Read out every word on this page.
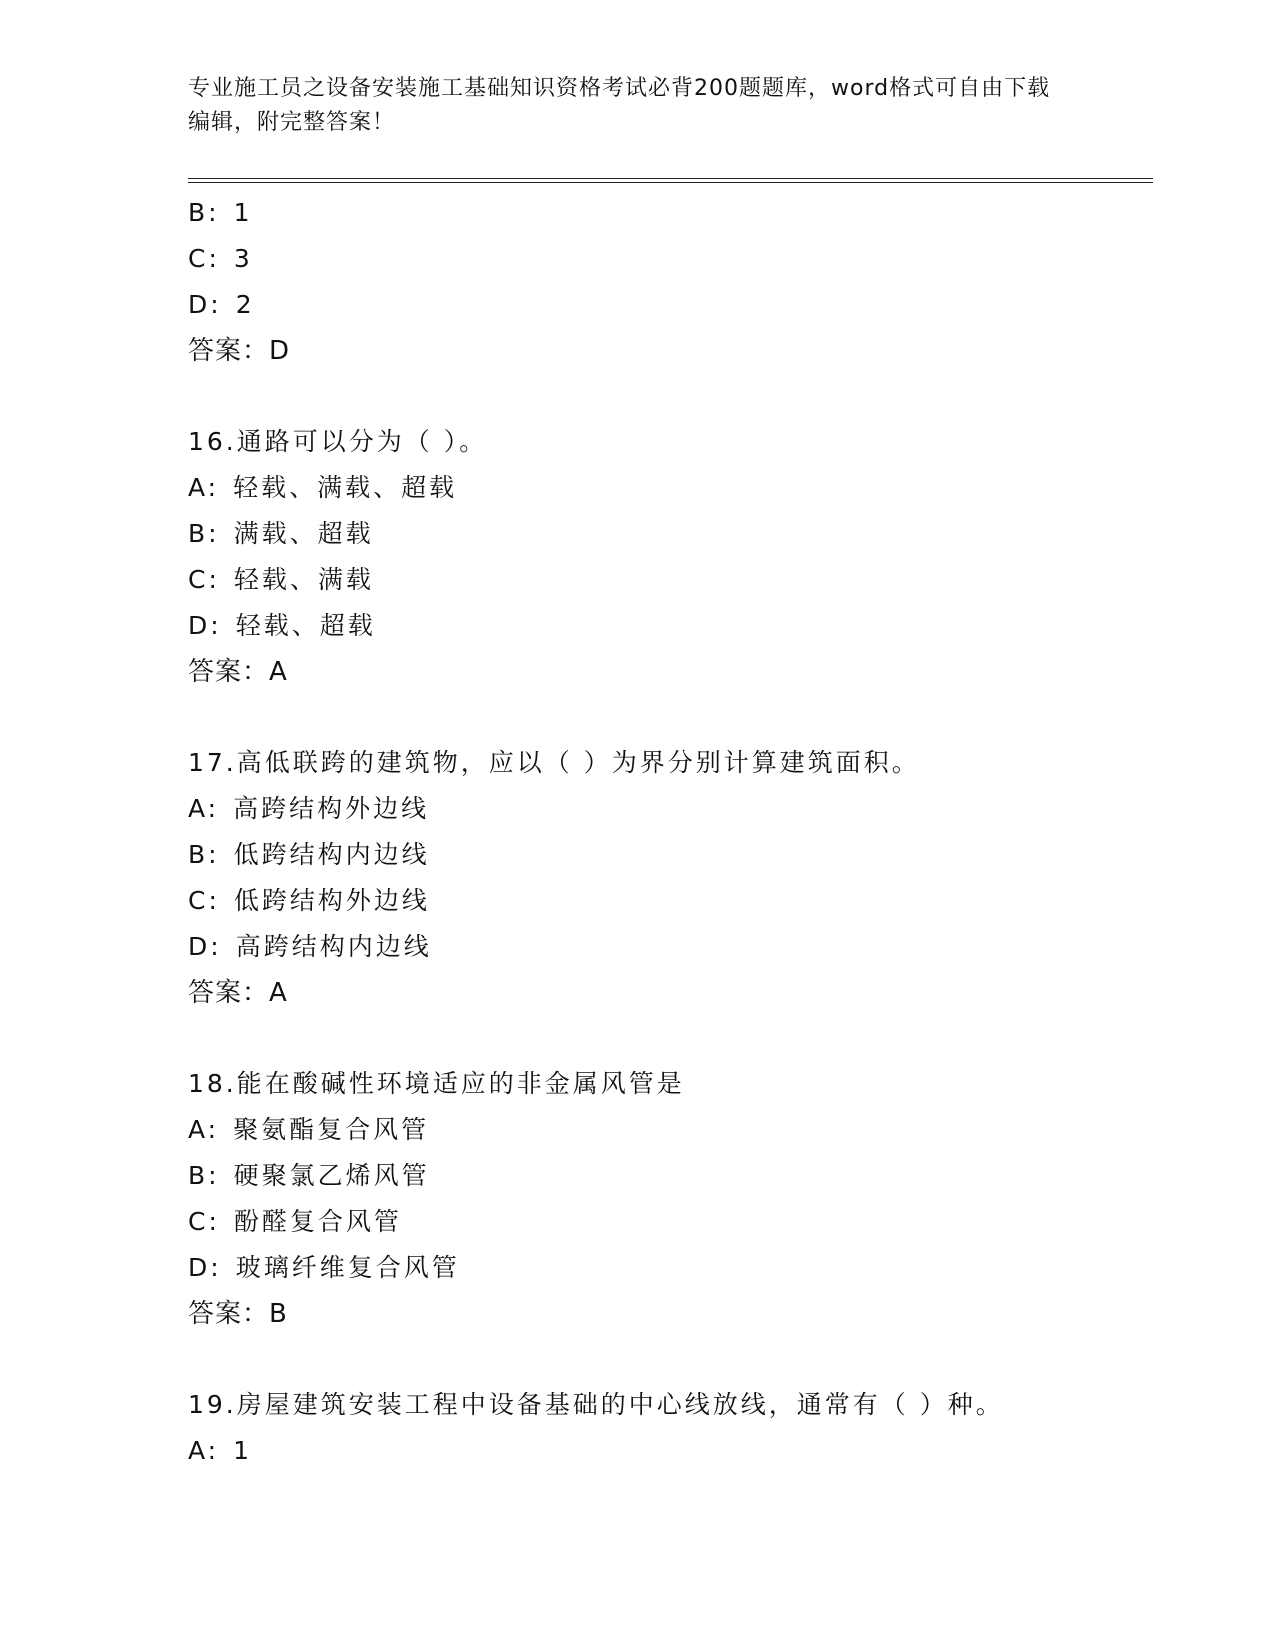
专业施工员之设备安装施工基础知识资格考试必背200题题库，word格式可自由下载编辑，附完整答案！
B: 1
C: 3
D: 2
答案：D
16.通路可以分为（ ）。
A: 轻载、满载、超载
B: 满载、超载
C: 轻载、满载
D: 轻载、超载
答案：A
17.高低联跨的建筑物，应以（ ）为界分别计算建筑面积。
A: 高跨结构外边线
B: 低跨结构内边线
C: 低跨结构外边线
D: 高跨结构内边线
答案：A
18.能在酸碱性环境适应的非金属风管是
A: 聚氨酯复合风管
B: 硬聚氯乙烯风管
C: 酚醛复合风管
D: 玻璃纤维复合风管
答案：B
19.房屋建筑安装工程中设备基础的中心线放线，通常有（ ）种。
A: 1
